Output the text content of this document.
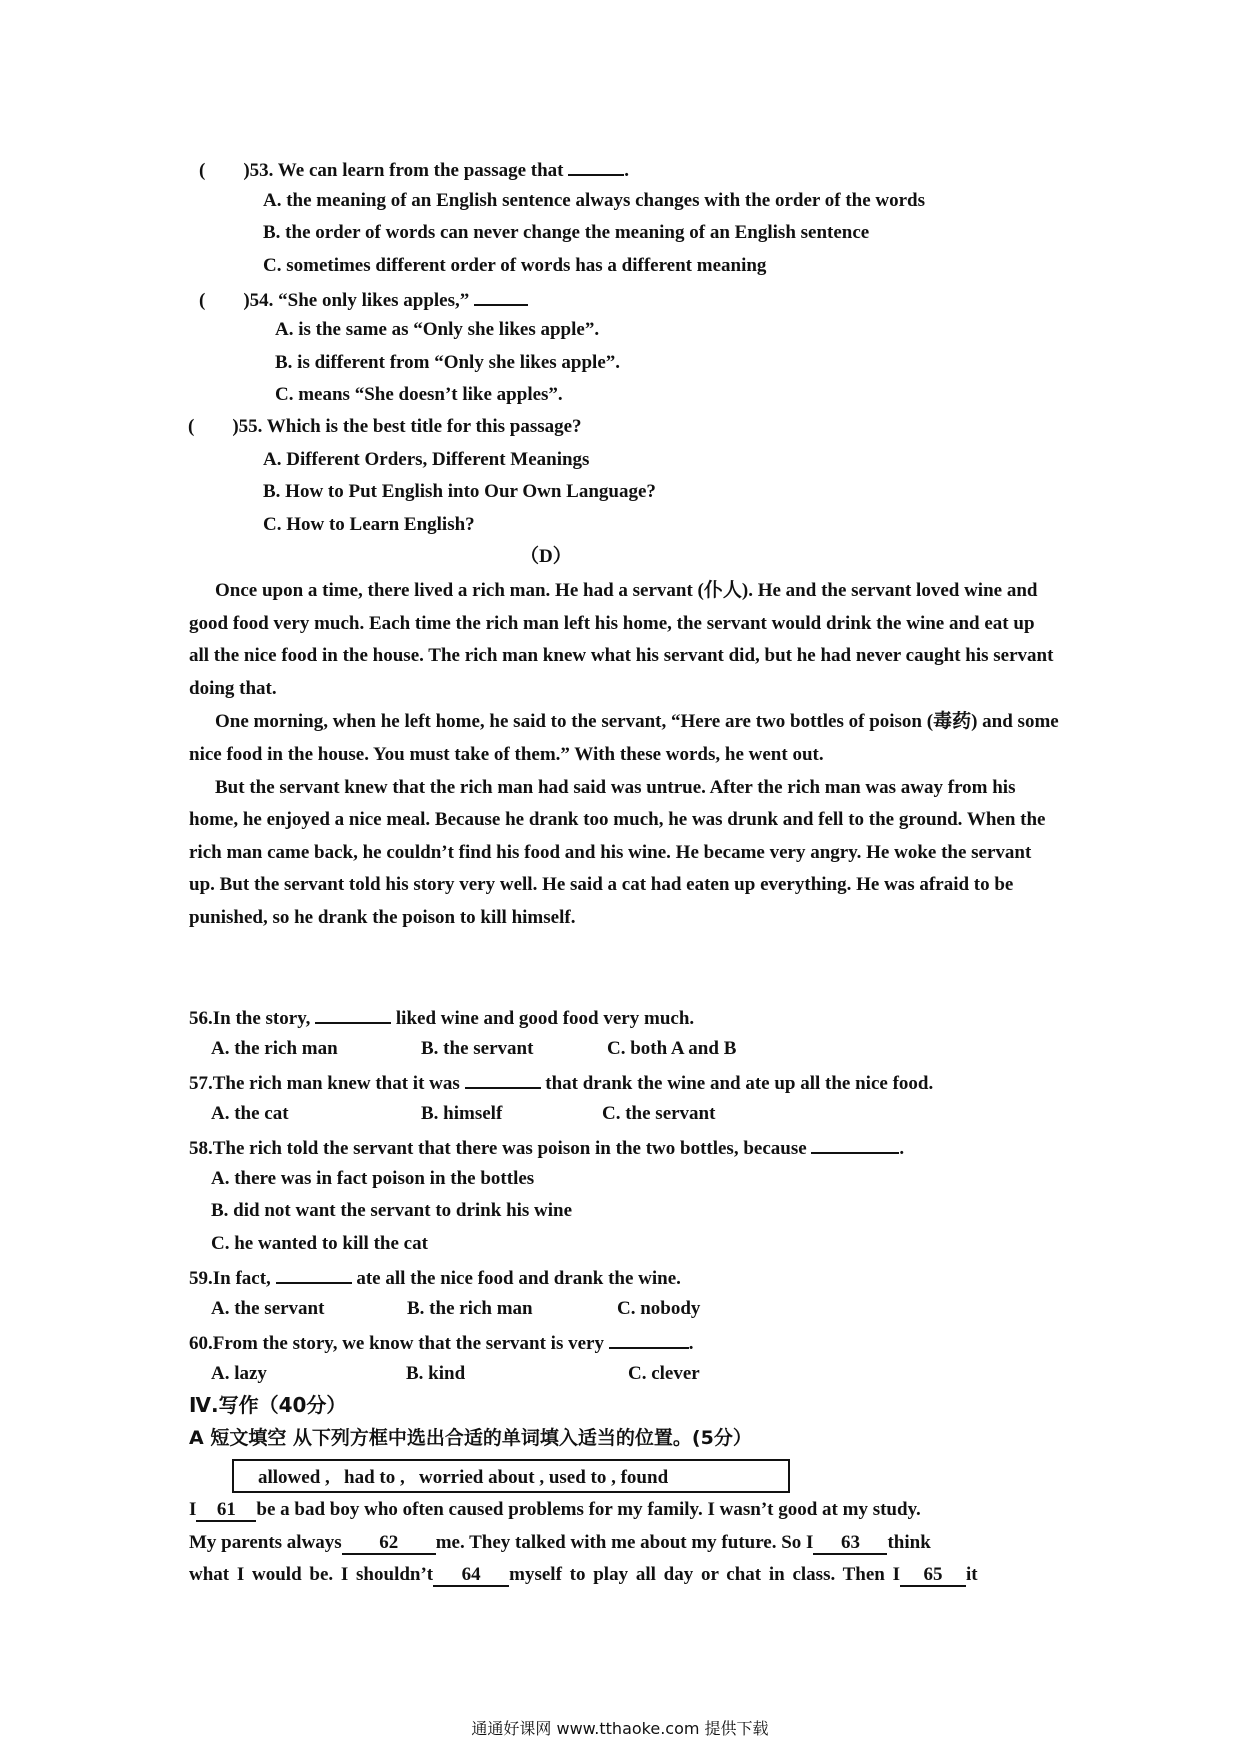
( )53. We can learn from the passage that	.
A. the meaning of an English sentence always changes with the order of the words
B. the order of words can never change the meaning of an English sentence
C. sometimes different order of words has a different meaning
( )54. “She only likes apples,”
A. is the same as “Only she likes apple”.
B. is different from “Only she likes apple”.
C. means “She doesn’t like apples”.
( )55. Which is the best title for this passage?
A. Different Orders, Different Meanings
B. How to Put English into Our Own Language?
C. How to Learn English?
（D）

Once upon a time, there lived a rich man. He had a servant (仆人). He and the servant loved wine and good food very much. Each time the rich man left his home, the servant would drink the wine and eat up all the nice food in the house. The rich man knew what his servant did, but he had never caught his servant doing that.

One morning, when he left home, he said to the servant, “Here are two bottles of poison (毒药) and some nice food in the house. You must take of them.” With these words, he went out.

But the servant knew that the rich man had said was untrue. After the rich man was away from his home, he enjoyed a nice meal. Because he drank too much, he was drunk and fell to the ground. When the rich man came back, he couldn’t find his food and his wine. He became very angry. He woke the servant up. But the servant told his story very well. He said a cat had eaten up everything. He was afraid to be punished, so he drank the poison to kill himself.

56.In the story,	liked wine and good food very much.
A. the rich man	B. the servant	C. both A and B
57.The rich man knew that it was	that drank the wine and ate up all the nice food.
A. the cat	B. himself	C. the servant
58.The rich told the servant that there was poison in the two bottles, because	.
A. there was in fact poison in the bottles
B. did not want the servant to drink his wine
C. he wanted to kill the cat
59.In fact,	ate all the nice food and drank the wine.
A. the servant	B. the rich man	C. nobody
60.From the story, we know that the servant is very	.
A. lazy	B. kind	C. clever
Ⅳ.写作（40分）
A 短文填空 从下列方框中选出合适的单词填入适当的位置。(5分）
allowed ,   had to ,   worried about , used to , found
I 61 be a bad boy who often caused problems for my family. I wasn’t good at my study.
My parents always 62 me. They talked with me about my future. So I 63 think
what I would be. I shouldn’t 64 myself to play all day or chat in class. Then I 65 it
通通好课网 www.tthaoke.com 提供下载
